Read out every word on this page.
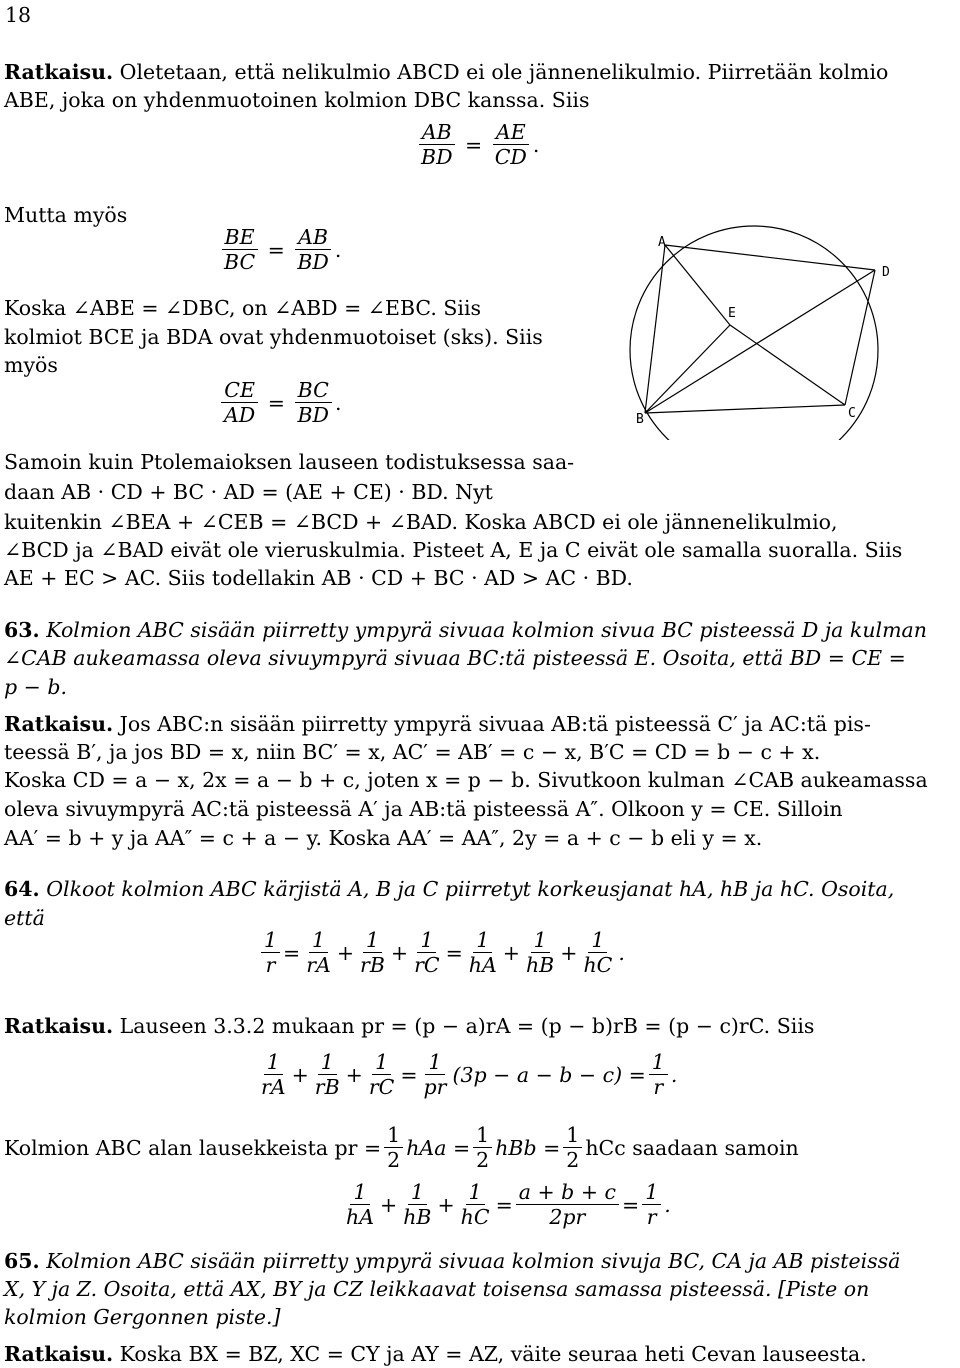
18
Ratkaisu. Oletetaan, että nelikulmio ABCD ei ole jännenelikulmio. Piirretään kolmio
ABE, joka on yhdenmuotoinen kolmion DBC kanssa. Siis
$\frac{AB}{BD} = \frac{AE}{CD}$ .
Mutta myös
$\frac{BE}{BC} = \frac{AB}{BD}$ .
Koska ∠ABE = ∠DBC, on ∠ABD = ∠EBC. Siis
kolmiot BCE ja BDA ovat yhdenmuotoiset (sks). Siis
myös
$\frac{CE}{AD} = \frac{BC}{BD}$ .
A
B	C
D
E
Samoin kuin Ptolemaioksen lauseen todistuksessa saa-
daan AB · CD + BC · AD = (AE + CE) · BD. Nyt
kuitenkin ∠BEA + ∠CEB = ∠BCD + ∠BAD. Koska ABCD ei ole jännenelikulmio,
∠BCD ja ∠BAD eivät ole vieruskulmia. Pisteet A, E ja C eivät ole samalla suoralla. Siis
AE + EC > AC. Siis todellakin AB · CD + BC · AD > AC · BD.
63. Kolmion ABC sisään piirretty ympyrä sivuaa kolmion sivua BC pisteessä D ja kulman
∠CAB aukeamassa oleva sivuympyrä sivuaa BC:tä pisteessä E. Osoita, että BD = CE =
p − b.
Ratkaisu. Jos ABC:n sisään piirretty ympyrä sivuaa AB:tä pisteessä C′ ja AC:tä pis-
teessä B′, ja jos BD = x, niin BC′ = x, AC′ = AB′ = c − x, B′C = CD = b − c + x.
Koska CD = a − x, 2x = a − b + c, joten x = p − b. Sivutkoon kulman ∠CAB aukeamassa
oleva sivuympyrä AC:tä pisteessä A′ ja AB:tä pisteessä A″. Olkoon y = CE. Silloin
AA′ = b + y ja AA″ = c + a − y. Koska AA′ = AA″, 2y = a + c − b eli y = x.
64. Olkoot kolmion ABC kärjistä A, B ja C piirretyt korkeusjanat hA, hB ja hC. Osoita,
että
$\frac{1}{r} = \frac{1}{rA} + \frac{1}{rB} + \frac{1}{rC} = \frac{1}{hA} + \frac{1}{hB} + \frac{1}{hC}$ .
Ratkaisu. Lauseen 3.3.2 mukaan pr = (p − a)rA = (p − b)rB = (p − c)rC. Siis
$\frac{1}{rA} + \frac{1}{rB} + \frac{1}{rC} = \frac{1}{pr} (3p - a - b - c) = \frac{1}{r}$ .
Kolmion ABC alan lausekkeista pr = $\frac{1}{2}$ hAa = $\frac{1}{2}$ hBb = $\frac{1}{2}$ hCc saadaan samoin
$\frac{1}{hA} + \frac{1}{hB} + \frac{1}{hC} = \frac{a + b + c}{2pr} = \frac{1}{r}$ .
65. Kolmion ABC sisään piirretty ympyrä sivuaa kolmion sivuja BC, CA ja AB pisteissä
X, Y ja Z. Osoita, että AX, BY ja CZ leikkaavat toisensa samassa pisteessä. [Piste on
kolmion Gergonnen piste.]
Ratkaisu. Koska BX = BZ, XC = CY ja AY = AZ, väite seuraa heti Cevan lauseesta.
